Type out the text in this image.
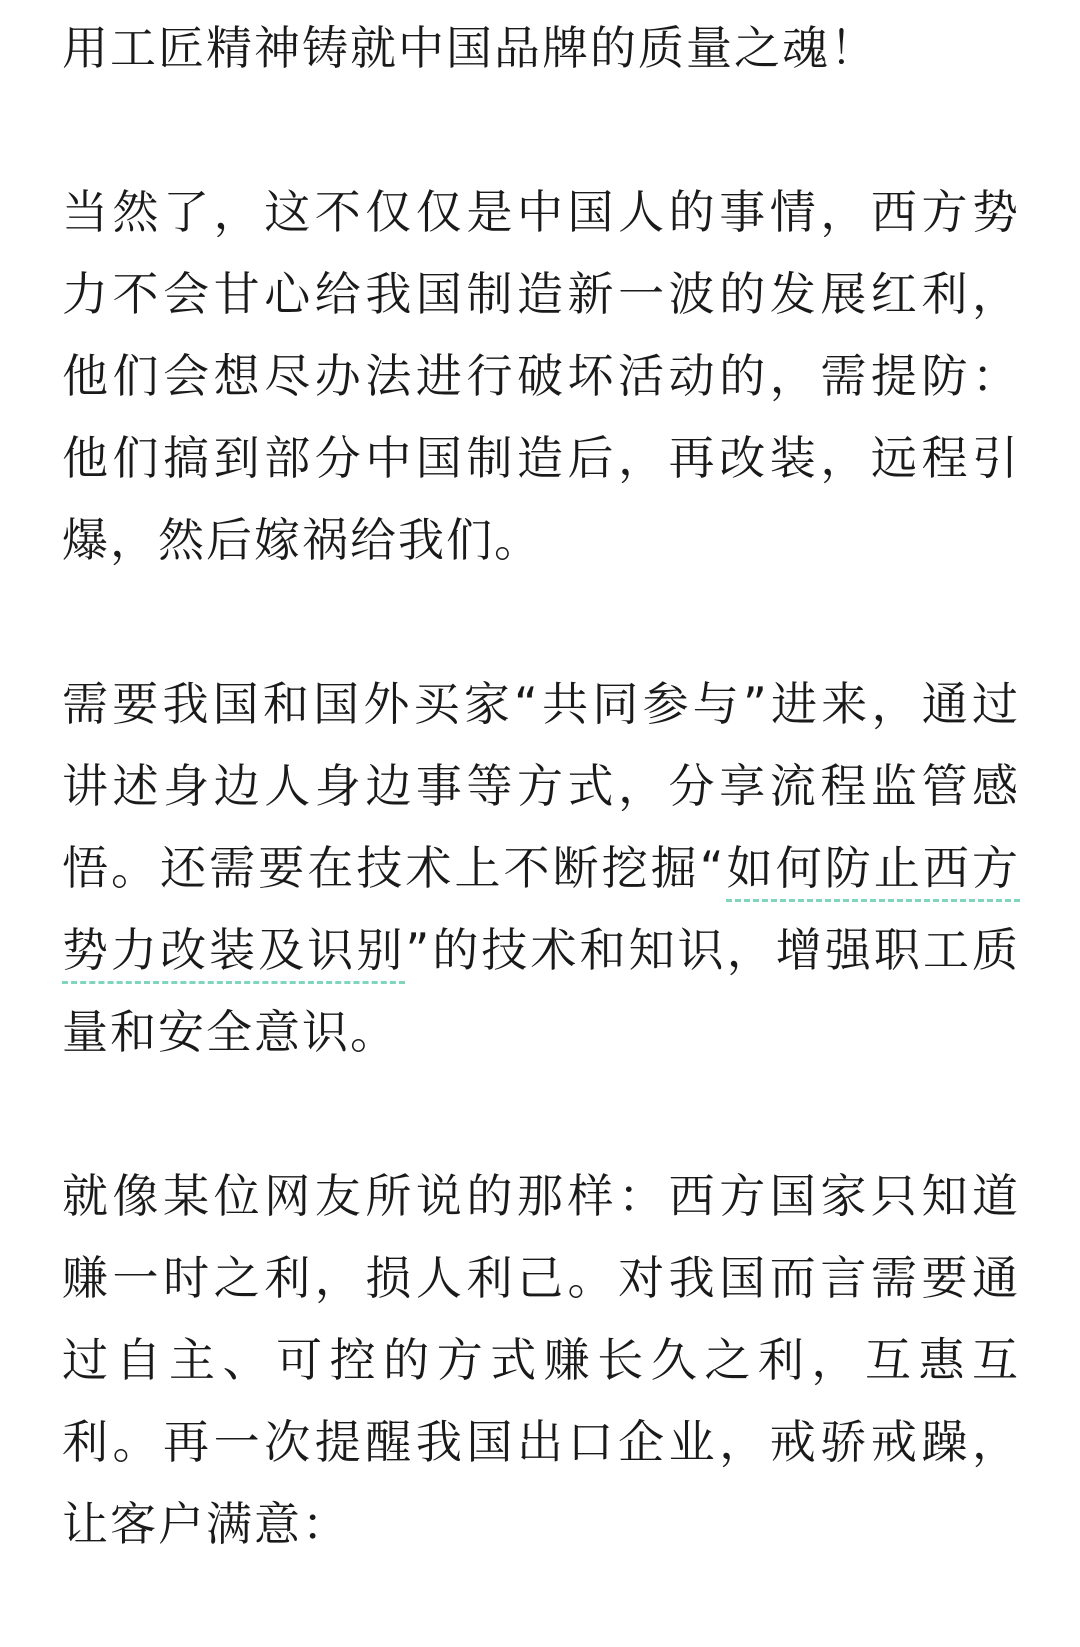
用工匠精神铸就中国品牌的质量之魂！

当然了，这不仅仅是中国人的事情，西方势力不会甘心给我国制造新一波的发展红利，他们会想尽办法进行破坏活动的，需提防：他们搞到部分中国制造后，再改装，远程引爆，然后嫁祸给我们。

需要我国和国外买家“共同参与”进来，通过讲述身边人身边事等方式，分享流程监管感悟。还需要在技术上不断挖掘“如何防止西方势力改装及识别”的技术和知识，增强职工质量和安全意识。

就像某位网友所说的那样：西方国家只知道赚一时之利，损人利己。对我国而言需要通过自主、可控的方式赚长久之利，互惠互利。再一次提醒我国出口企业，戒骄戒躁，让客户满意：
